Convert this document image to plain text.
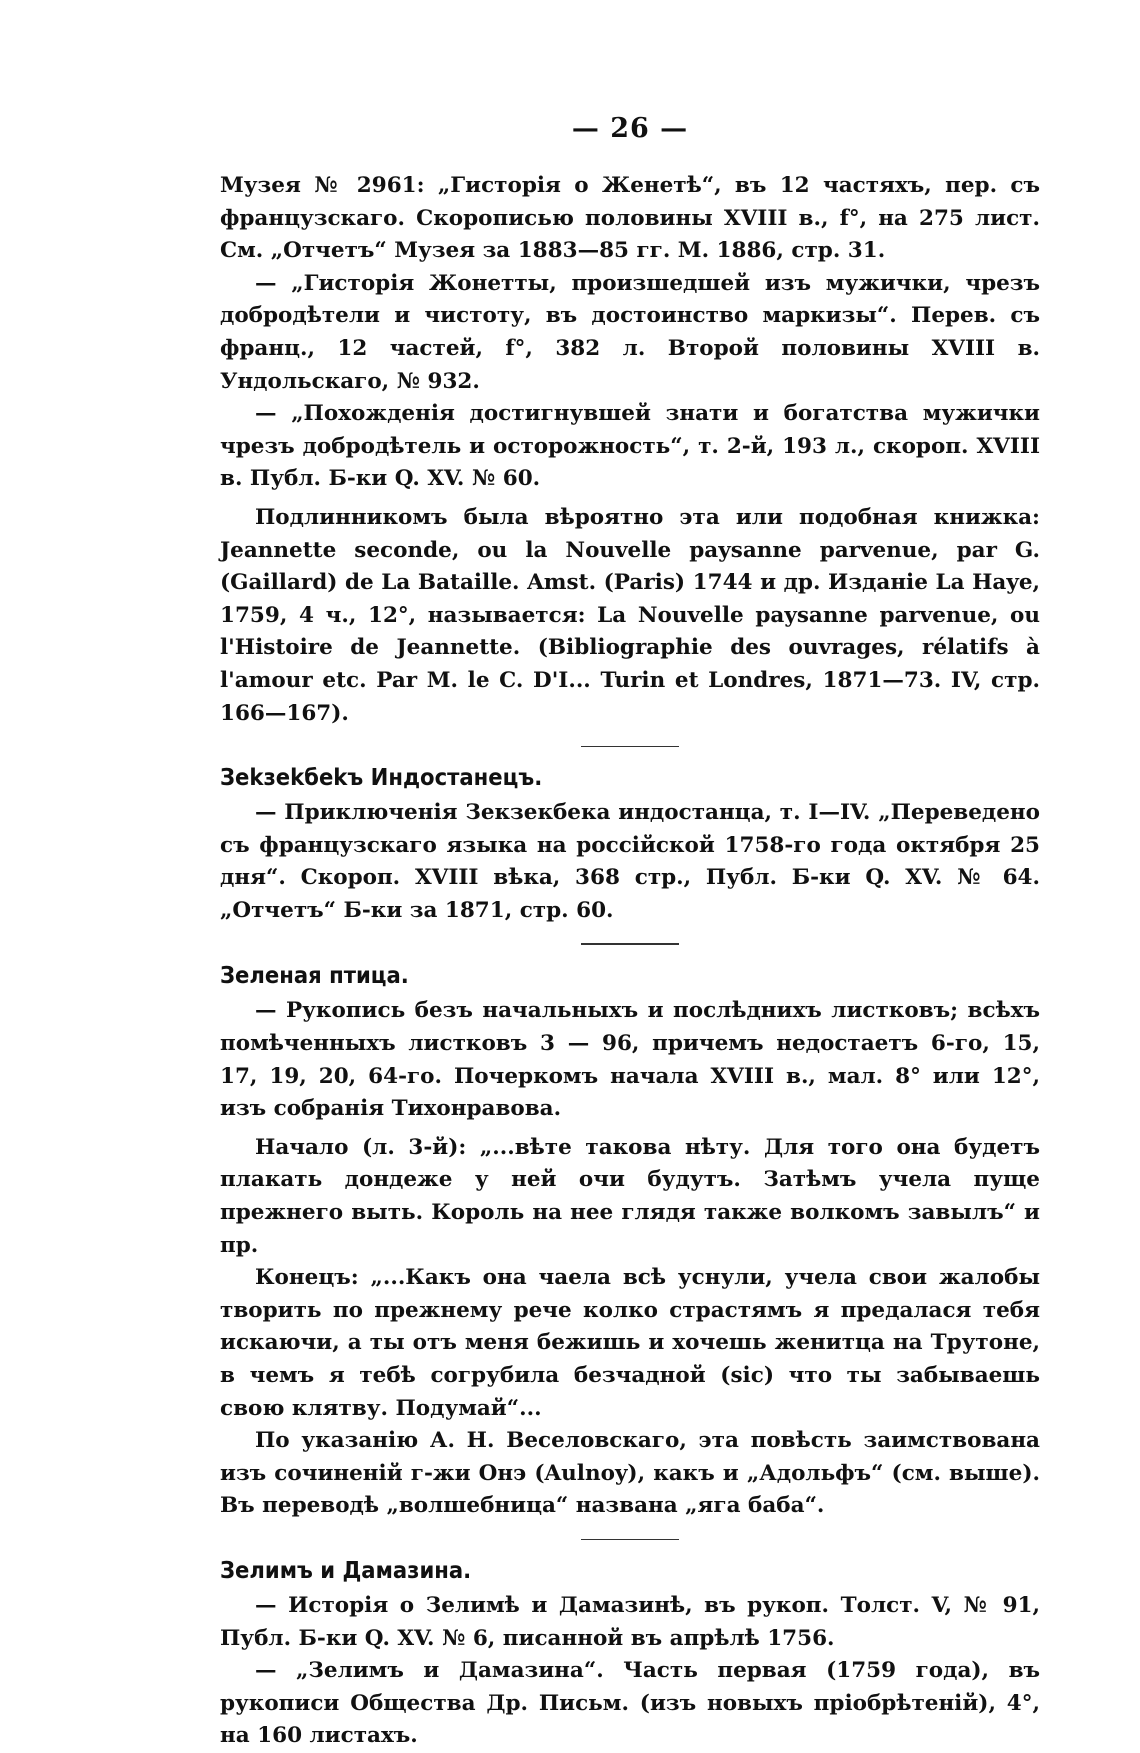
— 26 —

Музея № 2961: „Гисторія о Женетѣ“, въ 12 частяхъ, пер. съ французскаго. Скорописью половины XVIII в., f°, на 275 лист. См. „Отчетъ“ Музея за 1883—85 гг. М. 1886, стр. 31.

— „Гисторія Жонетты, произшедшей изъ мужички, чрезъ добродѣтели и чистоту, въ достоинство маркизы“. Перев. съ франц., 12 частей, f°, 382 л. Второй половины XVIII в. Ундольскаго, № 932.

— „Похожденія достигнувшей знати и богатства мужички чрезъ добродѣтель и осторожность“, т. 2-й, 193 л., скороп. XVIII в. Публ. Б-ки Q. XV. № 60.

Подлинникомъ была вѣроятно эта или подобная книжка: Jeannette seconde, ou la Nouvelle paysanne parvenue, par G. (Gaillard) de La Bataille. Amst. (Paris) 1744 и др. Изданіе La Haye, 1759, 4 ч., 12°, называется: La Nouvelle paysanne parvenue, ou l'Histoire de Jeannette. (Bibliographie des ouvrages, rélatifs à l'amour etc. Par M. le C. D'I... Turin et Londres, 1871—73. IV, стр. 166—167).

Зеkзеkбеkъ Индостанецъ.

— Приключенія Зекзекбека индостанца, т. I—IV. „Переведено съ французскаго языка на россійской 1758-го года октября 25 дня“. Скороп. XVIII вѣка, 368 стр., Публ. Б-ки Q. XV. № 64. „Отчетъ“ Б-ки за 1871, стр. 60.

Зеленая птица.

— Рукопись безъ начальныхъ и послѣднихъ листковъ; всѣхъ помѣченныхъ листковъ 3 — 96, причемъ недостаетъ 6-го, 15, 17, 19, 20, 64-го. Почеркомъ начала XVIII в., мал. 8° или 12°, изъ собранія Тихонравова.

Начало (л. 3-й): „...вѣте такова нѣту. Для того она будетъ плакать дондеже у ней очи будутъ. Затѣмъ учела пуще прежнего выть. Король на нее глядя также волкомъ завылъ“ и пр.

Конецъ: „...Какъ она чаела всѣ уснули, учела свои жалобы творить по прежнему рече колко страстямъ я предалася тебя искаючи, а ты отъ меня бежишь и хочешь женитца на Трутоне, в чемъ я тебѣ согрубила безчадной (sic) что ты забываешь свою клятву. Подумай“...

По указанію А. Н. Веселовскаго, эта повѣсть заимствована изъ сочиненій г-жи Онэ (Aulnoy), какъ и „Адольфъ“ (см. выше). Въ переводѣ „волшебница“ названа „яга баба“.

Зелимъ и Дамазина.

— Исторія о Зелимѣ и Дамазинѣ, въ рукоп. Толст. V, № 91, Публ. Б-ки Q. XV. № 6, писанной въ апрѣлѣ 1756.

— „Зелимъ и Дамазина“. Часть первая (1759 года), въ рукописи Общества Др. Письм. (изъ новыхъ пріобрѣтеній), 4°, на 160 листахъ.
